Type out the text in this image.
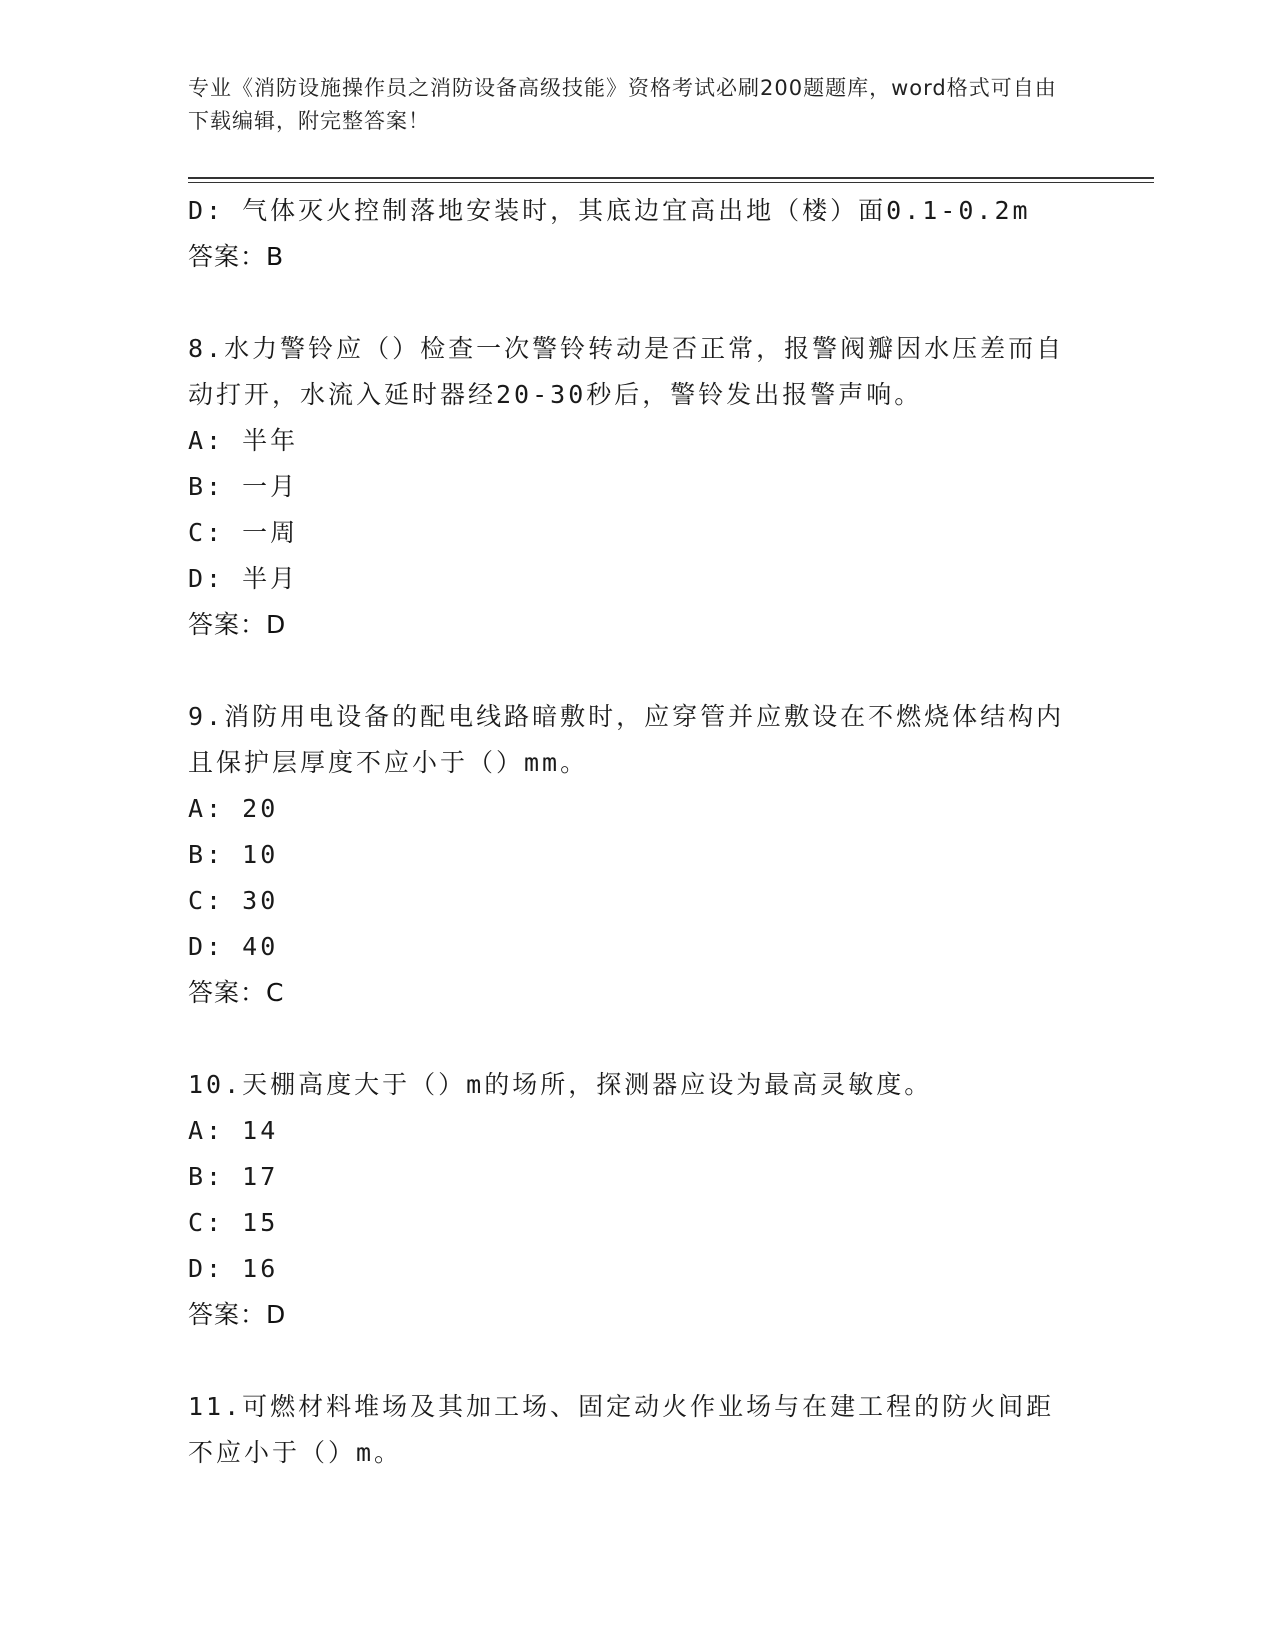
专业《消防设施操作员之消防设备高级技能》资格考试必刷200题题库，word格式可自由下载编辑，附完整答案！
D: 气体灭火控制落地安装时，其底边宜高出地（楼）面0.1-0.2m
答案：B
8.水力警铃应（）检查一次警铃转动是否正常，报警阀瓣因水压差而自动打开，水流入延时器经20-30秒后，警铃发出报警声响。
A: 半年
B: 一月
C: 一周
D: 半月
答案：D
9.消防用电设备的配电线路暗敷时，应穿管并应敷设在不燃烧体结构内且保护层厚度不应小于（）mm。
A: 20
B: 10
C: 30
D: 40
答案：C
10.天棚高度大于（）m的场所，探测器应设为最高灵敏度。
A: 14
B: 17
C: 15
D: 16
答案：D
11.可燃材料堆场及其加工场、固定动火作业场与在建工程的防火间距不应小于（）m。
